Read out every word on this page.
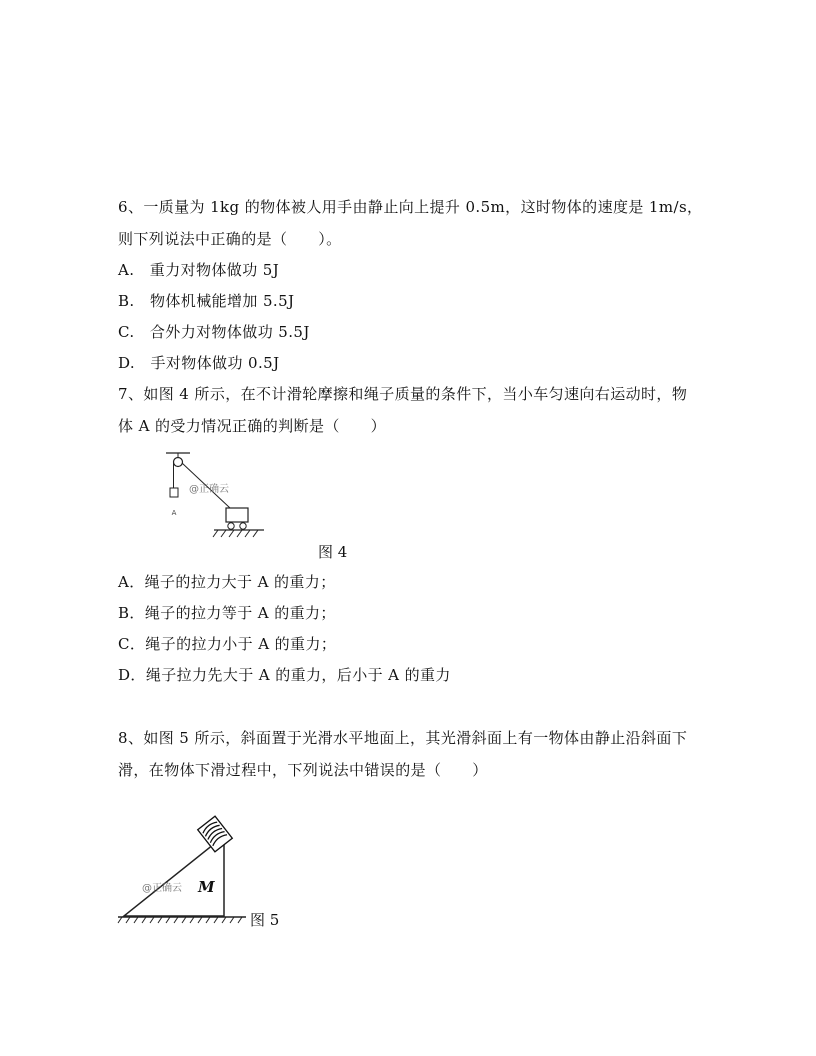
6、一质量为 1kg 的物体被人用手由静止向上提升 0.5m，这时物体的速度是 1m/s，
则下列说法中正确的是（　　）。
A.　重力对物体做功 5J
B.　物体机械能增加 5.5J
C.　合外力对物体做功 5.5J
D.　手对物体做功 0.5J
7、如图 4 所示，在不计滑轮摩擦和绳子质量的条件下，当小车匀速向右运动时，物
体 A 的受力情况正确的判断是（　　）
A
@正确云
图 4
A．绳子的拉力大于 A 的重力；
B．绳子的拉力等于 A 的重力；
C．绳子的拉力小于 A 的重力；
D．绳子拉力先大于 A 的重力，后小于 A 的重力
8、如图 5 所示，斜面置于光滑水平地面上，其光滑斜面上有一物体由静止沿斜面下
滑，在物体下滑过程中，下列说法中错误的是（　　）
M
@正确云
图 5
